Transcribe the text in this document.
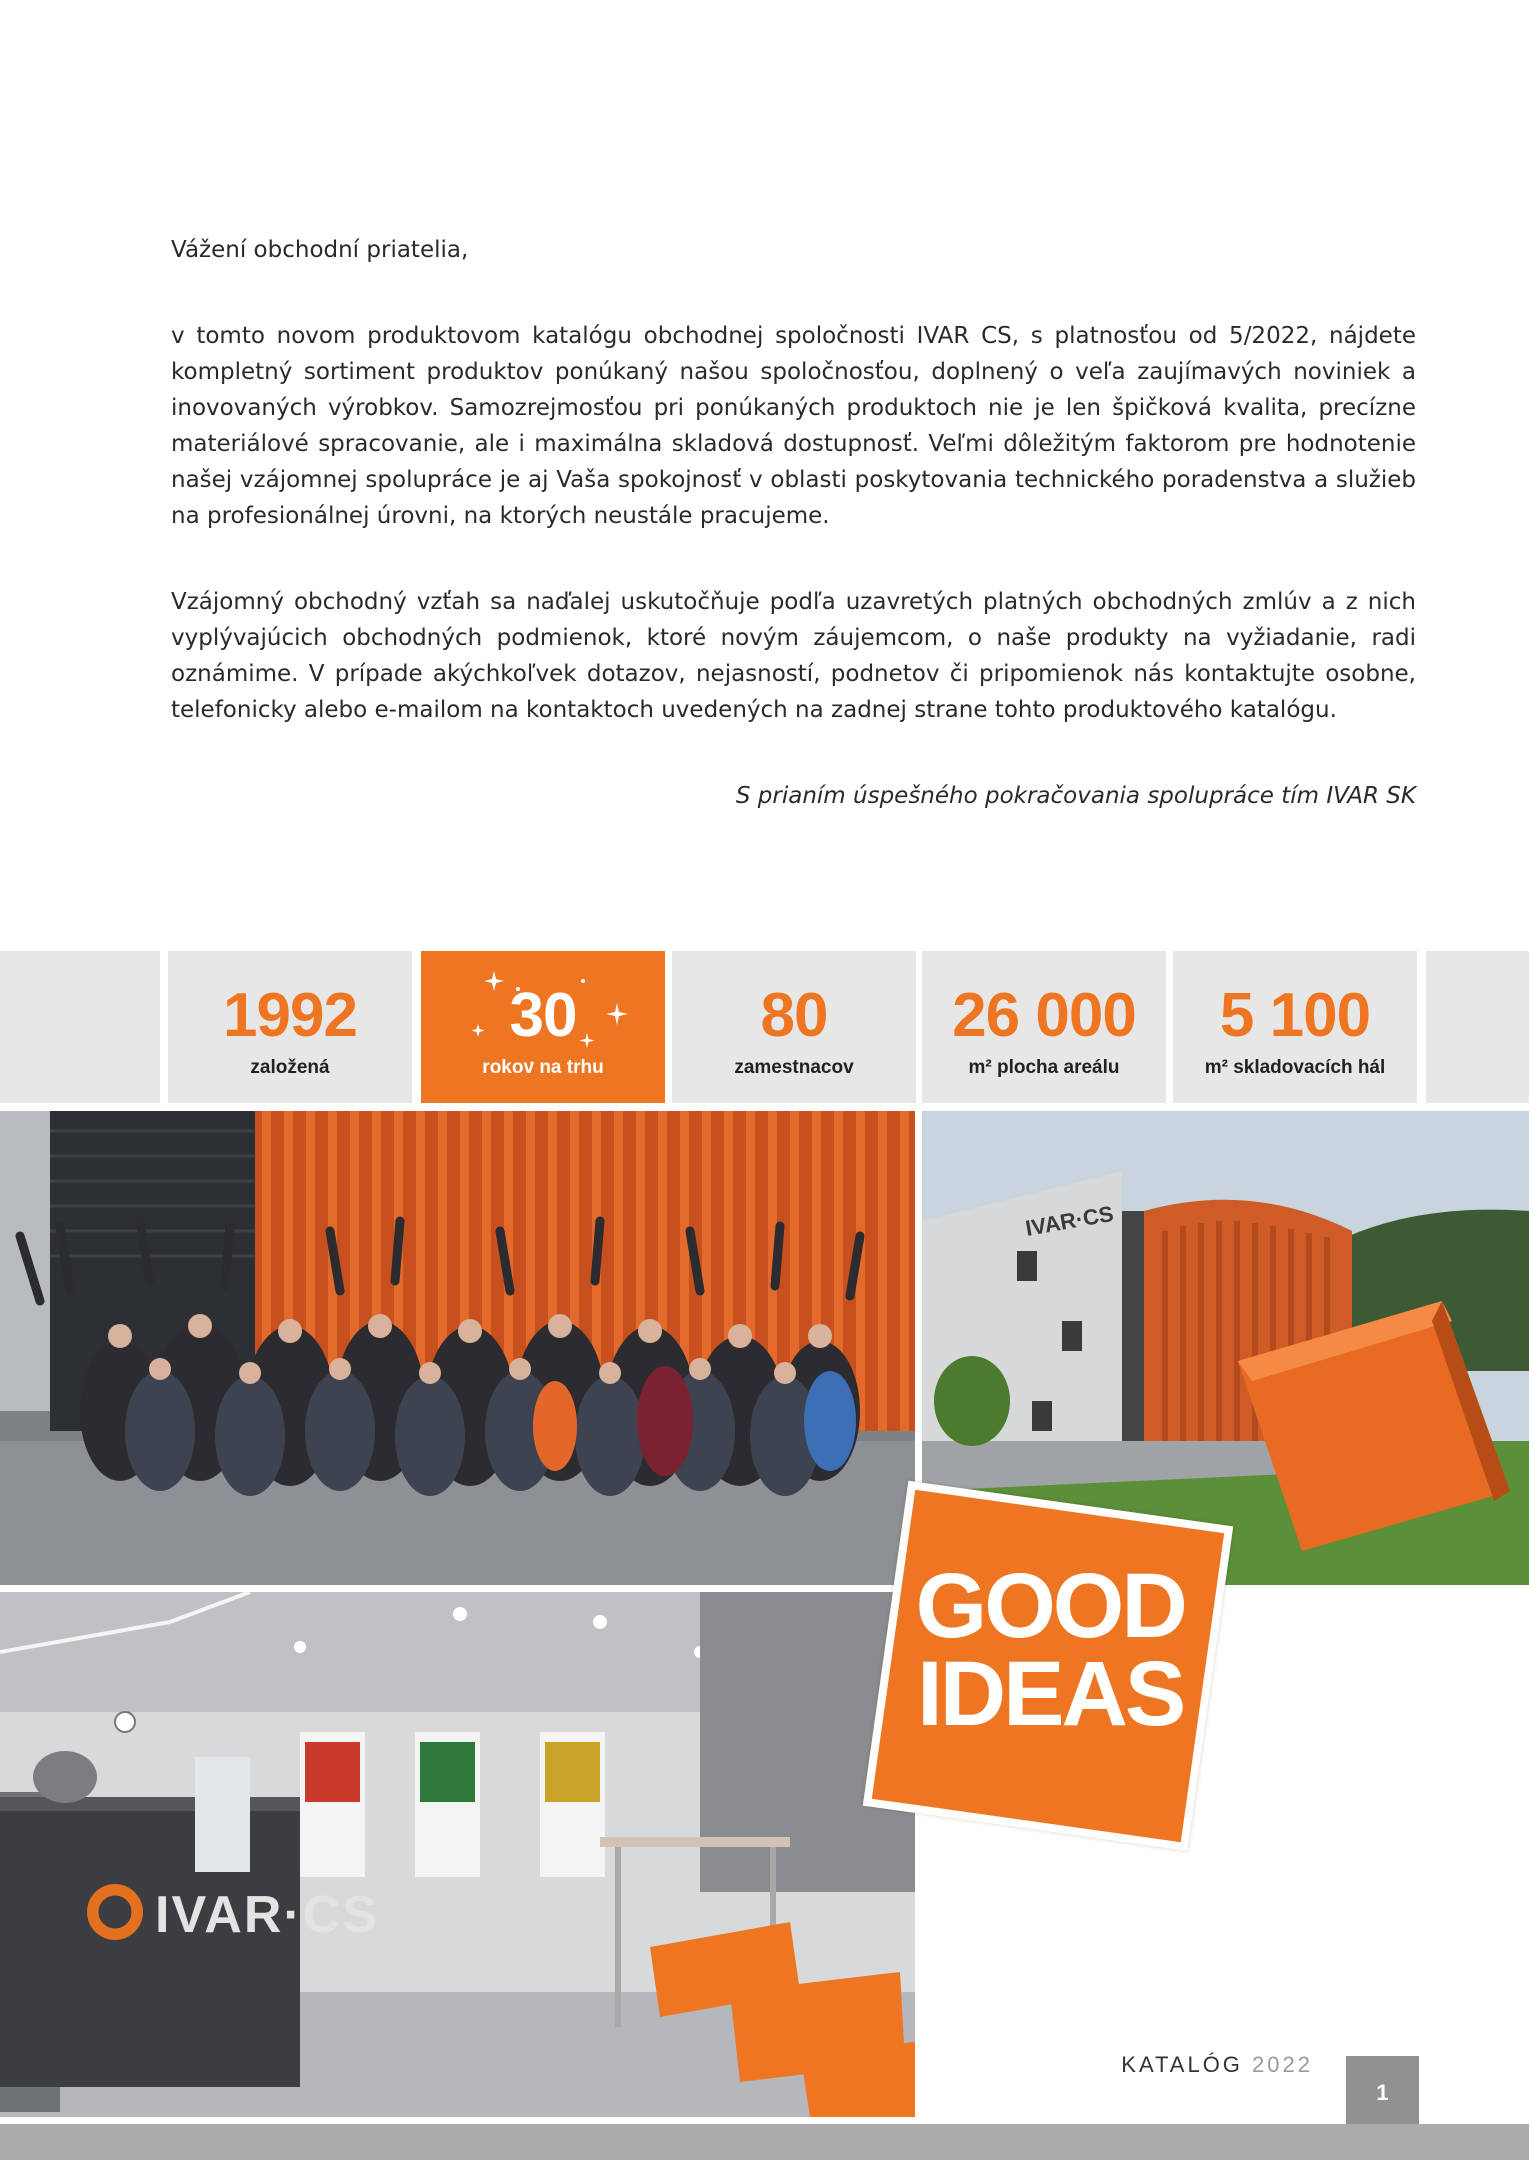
Vážení obchodní priatelia,
v tomto novom produktovom katalógu obchodnej spoločnosti IVAR CS, s platnosťou od 5/2022, nájdete kompletný sortiment produktov ponúkaný našou spoločnosťou, doplnený o veľa zaujímavých noviniek a inovovaných výrobkov. Samozrejmosťou pri ponúkaných produktoch nie je len špičková kvalita, precízne materiálové spracovanie, ale i maximálna skladová dostupnosť. Veľmi dôležitým faktorom pre hodnotenie našej vzájomnej spolupráce je aj Vaša spokojnosť v oblasti poskytovania technického poradenstva a služieb na profesionálnej úrovni, na ktorých neustále pracujeme.
Vzájomný obchodný vzťah sa naďalej uskutočňuje podľa uzavretých platných obchodných zmlúv a z nich vyplývajúcich obchodných podmienok, ktoré novým záujemcom, o naše produkty na vyžiadanie, radi oznámime. V prípade akýchkoľvek dotazov, nejasností, podnetov či pripomienok nás kontaktujte osobne, telefonicky alebo e-mailom na kontaktoch uvedených na zadnej strane tohto produktového katalógu.
S prianím úspešného pokračovania spolupráce tím IVAR SK
1992
založená
30
rokov na trhu
80
zamestnacov
26 000
m² plocha areálu
5 100
m² skladovacích hál
IVAR·CS
IVAR·CS
GOOD
IDEAS
KATALÓG 2022
1
